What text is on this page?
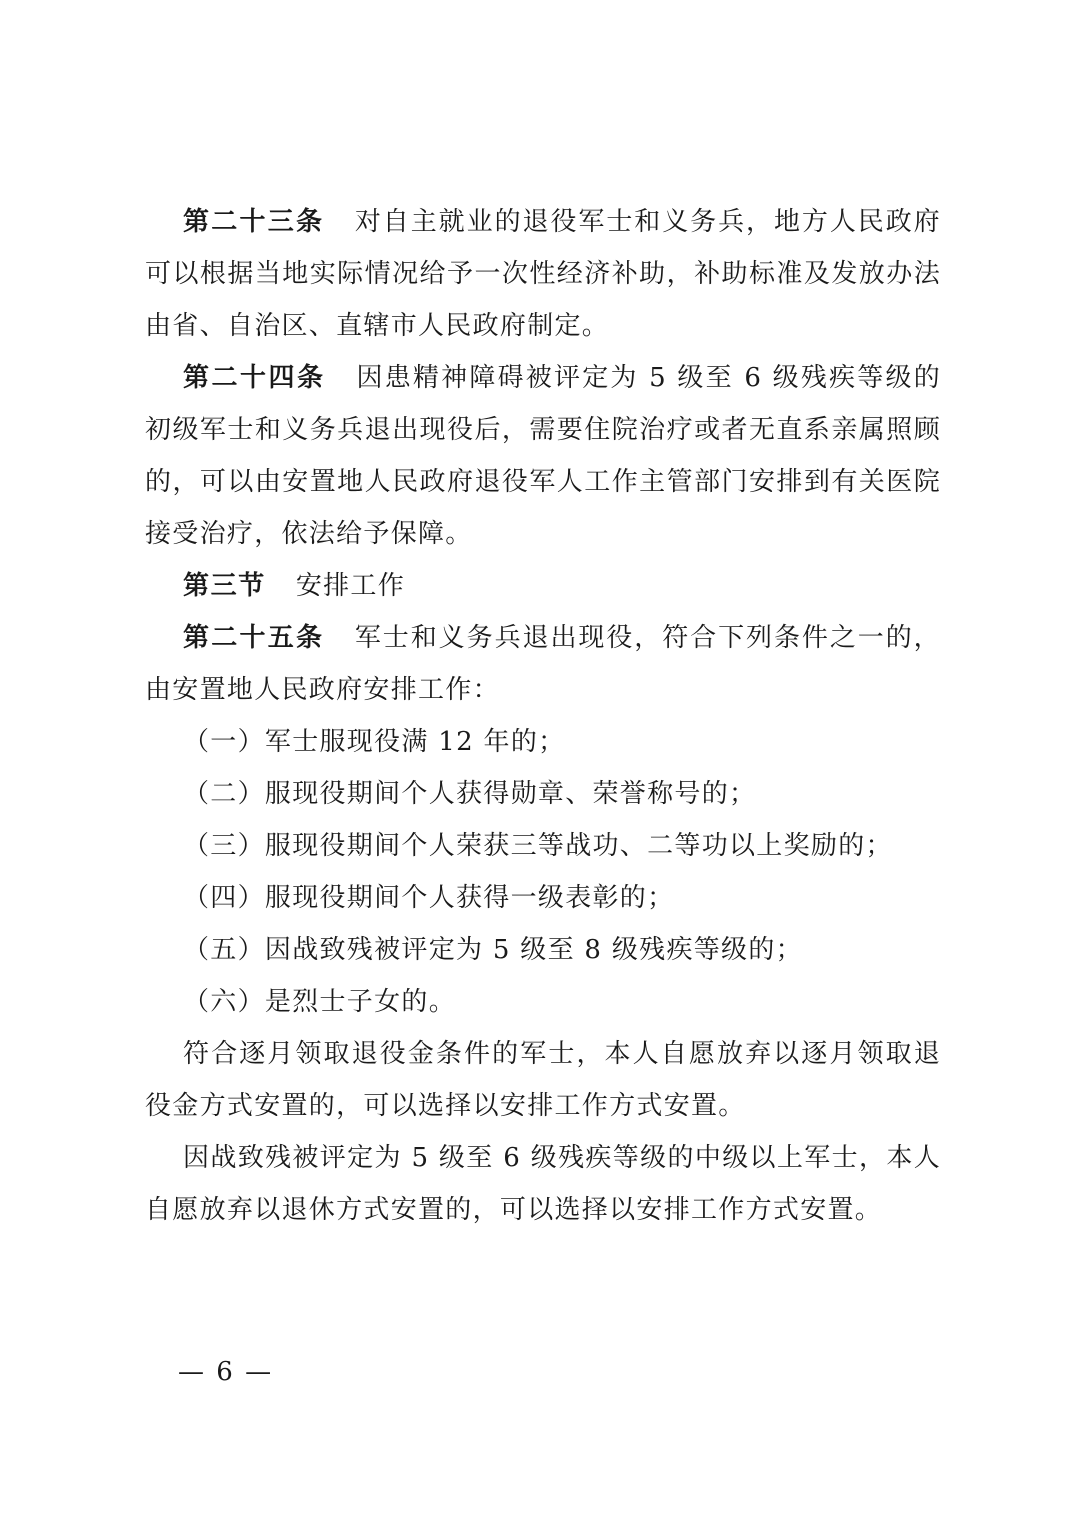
第二十三条 对自主就业的退役军士和义务兵，地方人民政府可以根据当地实际情况给予一次性经济补助，补助标准及发放办法由省、自治区、直辖市人民政府制定。

第二十四条 因患精神障碍被评定为 5 级至 6 级残疾等级的初级军士和义务兵退出现役后，需要住院治疗或者无直系亲属照顾的，可以由安置地人民政府退役军人工作主管部门安排到有关医院接受治疗，依法给予保障。

第三节 安排工作

第二十五条 军士和义务兵退出现役，符合下列条件之一的，由安置地人民政府安排工作：

（一）军士服现役满 12 年的；

（二）服现役期间个人获得勋章、荣誉称号的；

（三）服现役期间个人荣获三等战功、二等功以上奖励的；

（四）服现役期间个人获得一级表彰的；

（五）因战致残被评定为 5 级至 8 级残疾等级的；

（六）是烈士子女的。

符合逐月领取退役金条件的军士，本人自愿放弃以逐月领取退役金方式安置的，可以选择以安排工作方式安置。

因战致残被评定为 5 级至 6 级残疾等级的中级以上军士，本人自愿放弃以退休方式安置的，可以选择以安排工作方式安置。

— 6 —
